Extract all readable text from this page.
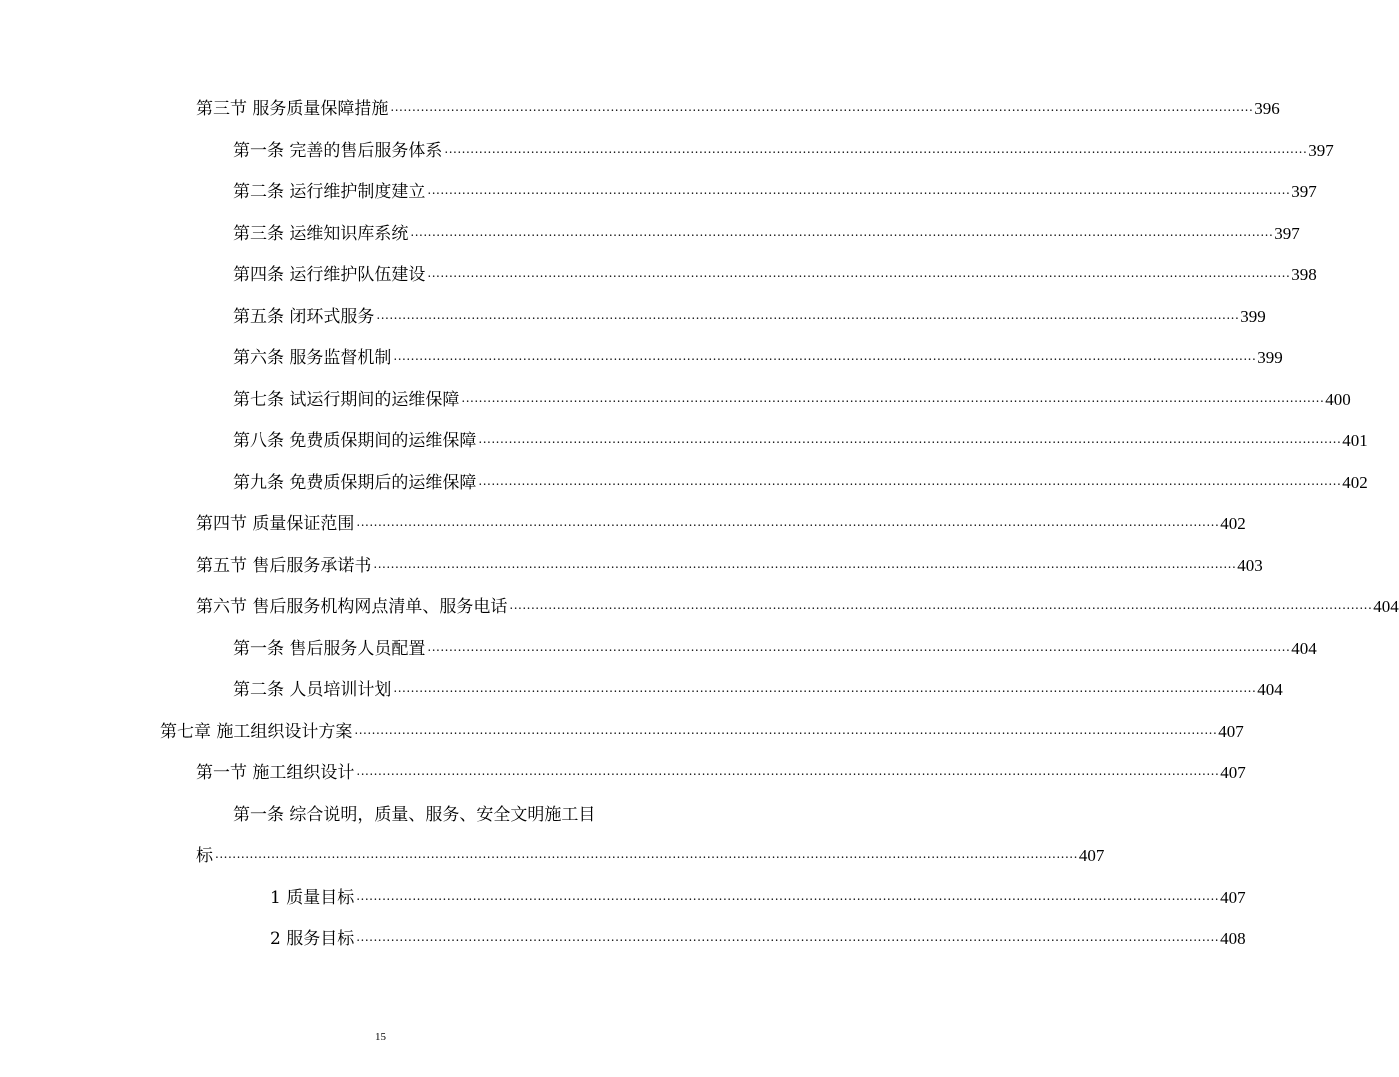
第三节 服务质量保障措施 ........................................................................................................................................................................................................ 396
第一条 完善的售后服务体系 ........................................................................................................................................................................................................ 397
第二条 运行维护制度建立 ........................................................................................................................................................................................................ 397
第三条 运维知识库系统 ........................................................................................................................................................................................................ 397
第四条 运行维护队伍建设 ........................................................................................................................................................................................................ 398
第五条 闭环式服务 ........................................................................................................................................................................................................ 399
第六条 服务监督机制 ........................................................................................................................................................................................................ 399
第七条 试运行期间的运维保障 ........................................................................................................................................................................................................ 400
第八条 免费质保期间的运维保障 ........................................................................................................................................................................................................ 401
第九条 免费质保期后的运维保障 ........................................................................................................................................................................................................ 402
第四节 质量保证范围 ........................................................................................................................................................................................................ 402
第五节 售后服务承诺书 ........................................................................................................................................................................................................ 403
第六节 售后服务机构网点清单、服务电话 ........................................................................................................................................................................................................ 404
第一条 售后服务人员配置 ........................................................................................................................................................................................................ 404
第二条 人员培训计划 ........................................................................................................................................................................................................ 404
第七章 施工组织设计方案 ........................................................................................................................................................................................................ 407
第一节 施工组织设计 ........................................................................................................................................................................................................ 407
第一条 综合说明，质量、服务、安全文明施工目
标 ........................................................................................................................................................................................................ 407
1 质量目标 ........................................................................................................................................................................................................ 407
2 服务目标 ........................................................................................................................................................................................................ 408
15
